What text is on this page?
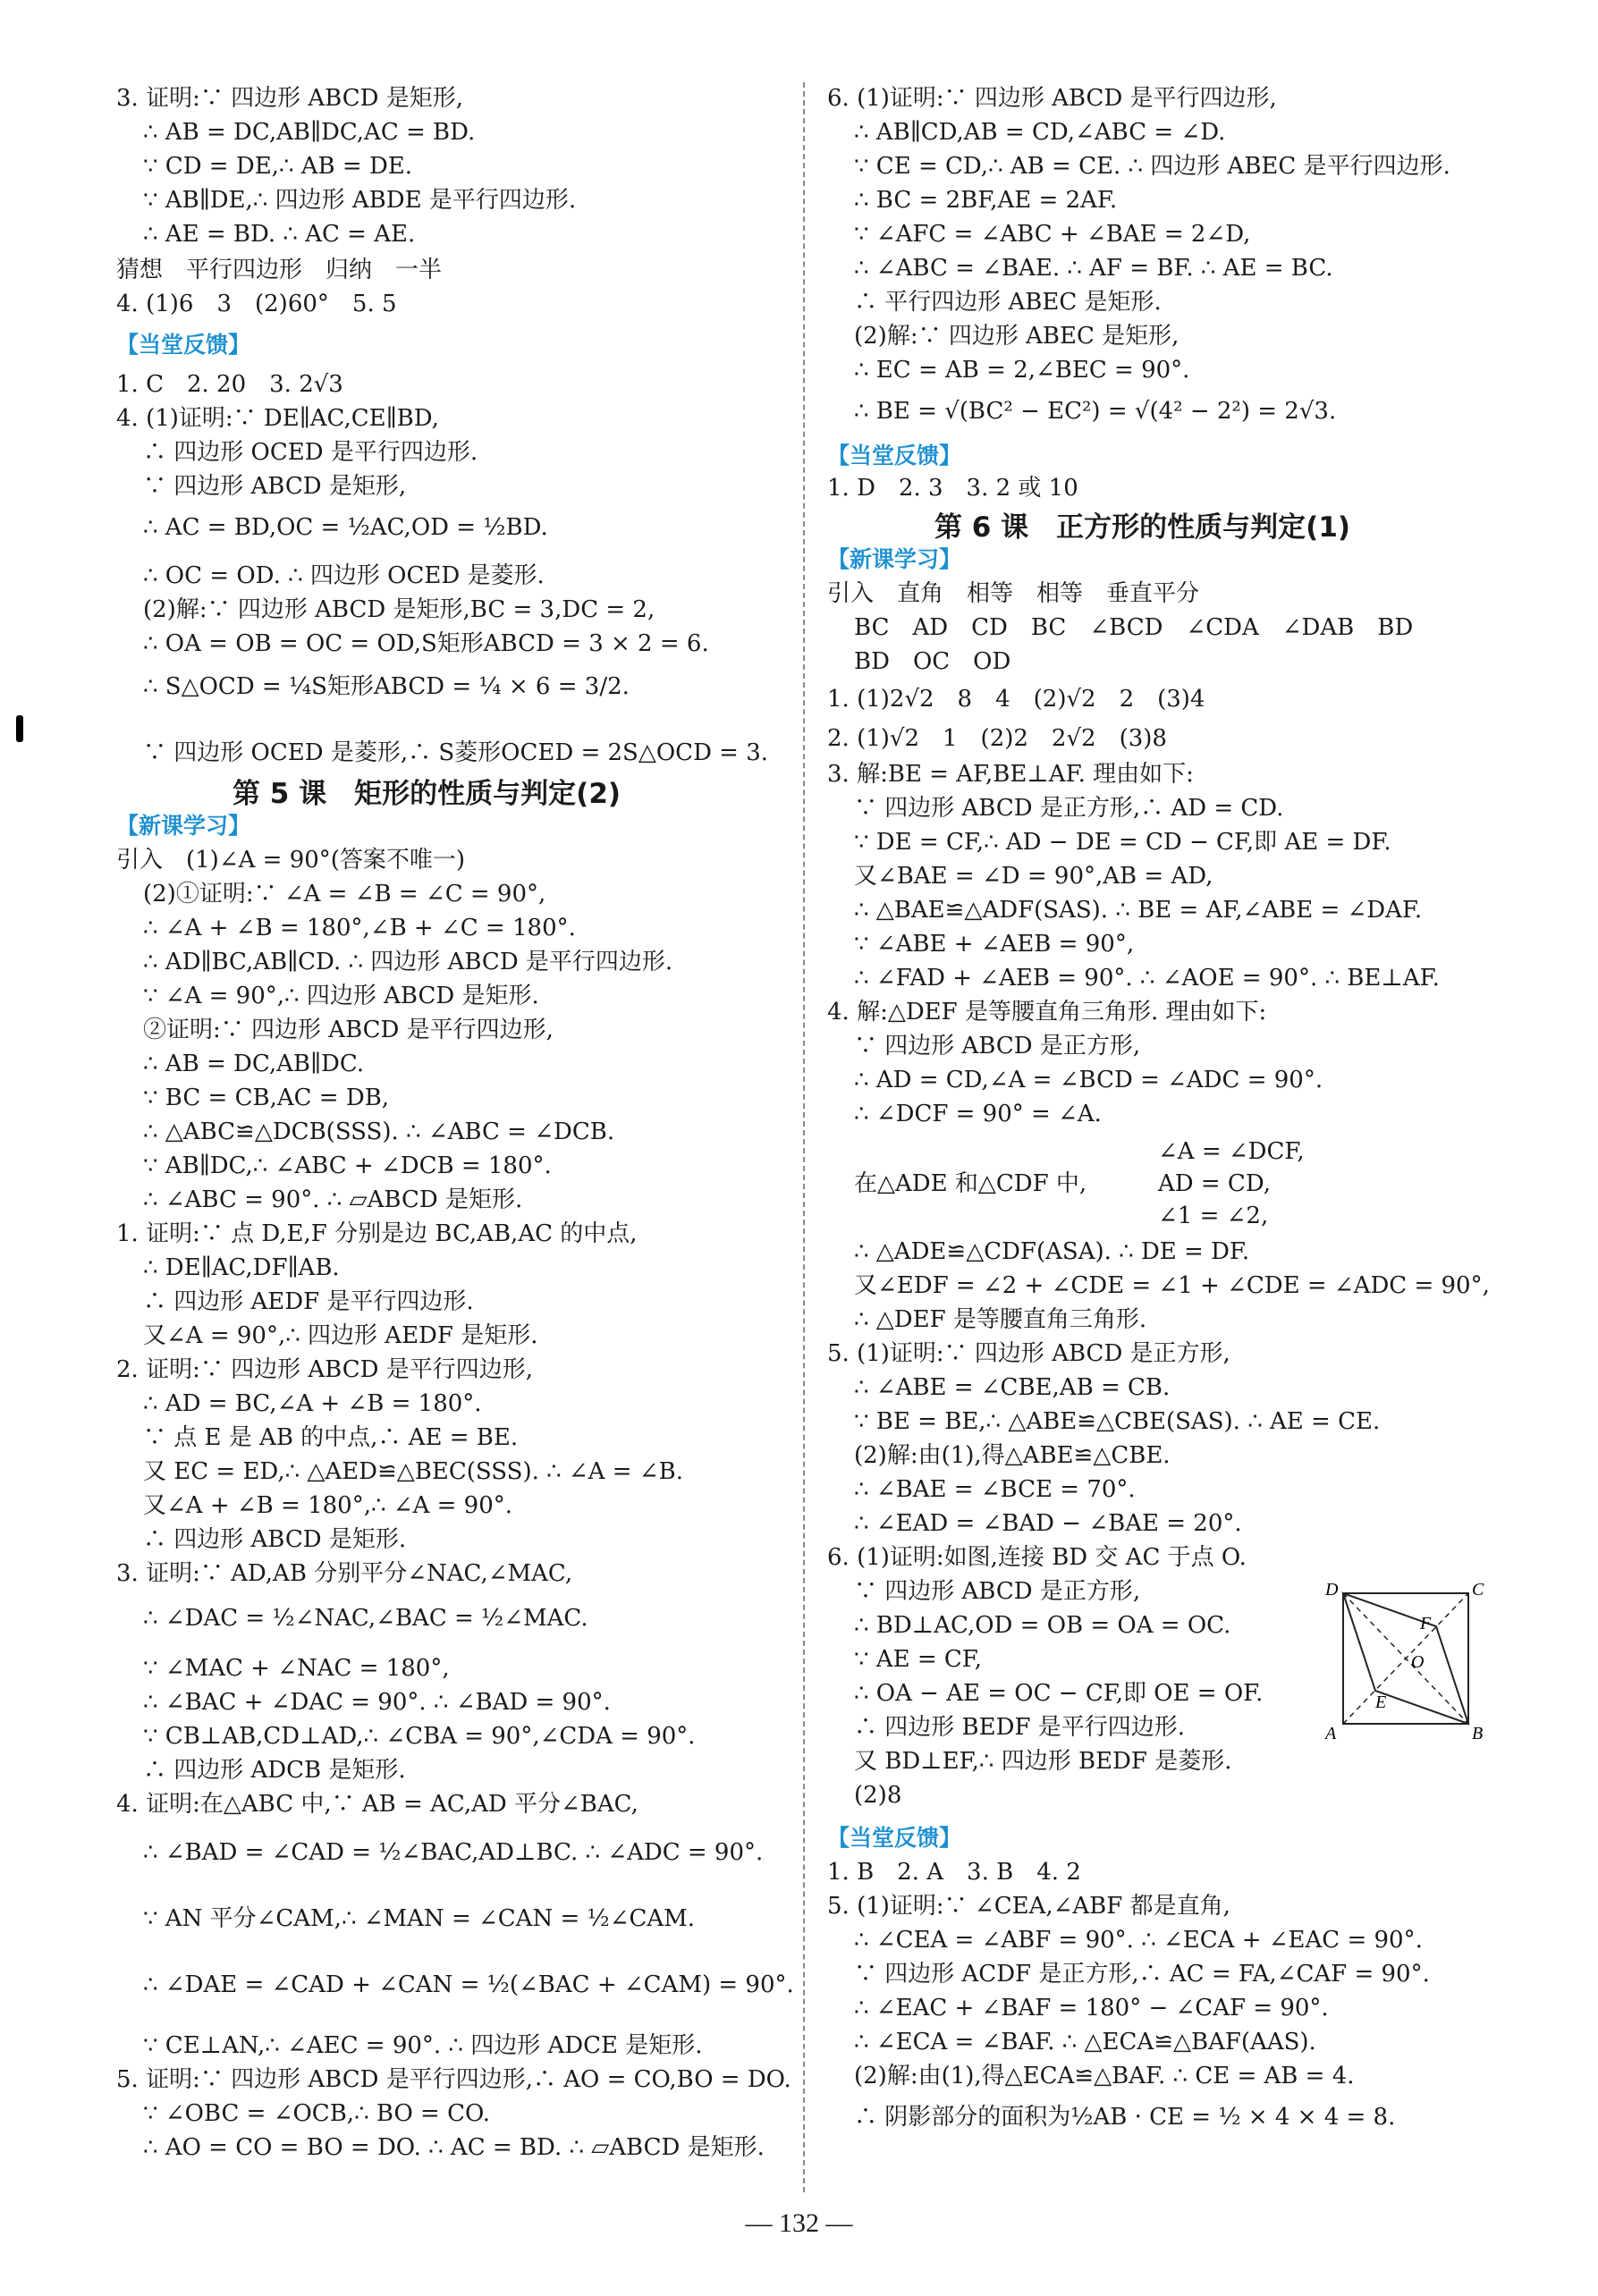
3. 证明:∵ 四边形 ABCD 是矩形,
∴ AB = DC,AB∥DC,AC = BD.
∵ CD = DE,∴ AB = DE.
∵ AB∥DE,∴ 四边形 ABDE 是平行四边形.
∴ AE = BD. ∴ AC = AE.
猜想　平行四边形　归纳　一半
4. (1)6　3　(2)60°　5. 5
1. C　2. 20　3. 2√3
4. (1)证明:∵ DE∥AC,CE∥BD,
∴ 四边形 OCED 是平行四边形.
∵ 四边形 ABCD 是矩形,
∴ AC = BD,OC = ½AC,OD = ½BD.
∴ OC = OD. ∴ 四边形 OCED 是菱形.
(2)解:∵ 四边形 ABCD 是矩形,BC = 3,DC = 2,
∴ OA = OB = OC = OD,S矩形ABCD = 3 × 2 = 6.
∴ S△OCD = ¼S矩形ABCD = ¼ × 6 = 3/2.
∵ 四边形 OCED 是菱形,∴ S菱形OCED = 2S△OCD = 3.
引入　(1)∠A = 90°(答案不唯一)
(2)①证明:∵ ∠A = ∠B = ∠C = 90°,
∴ ∠A + ∠B = 180°,∠B + ∠C = 180°.
∴ AD∥BC,AB∥CD. ∴ 四边形 ABCD 是平行四边形.
∵ ∠A = 90°,∴ 四边形 ABCD 是矩形.
②证明:∵ 四边形 ABCD 是平行四边形,
∴ AB = DC,AB∥DC.
∵ BC = CB,AC = DB,
∴ △ABC≌△DCB(SSS). ∴ ∠ABC = ∠DCB.
∵ AB∥DC,∴ ∠ABC + ∠DCB = 180°.
∴ ∠ABC = 90°. ∴ ▱ABCD 是矩形.
1. 证明:∵ 点 D,E,F 分别是边 BC,AB,AC 的中点,
∴ DE∥AC,DF∥AB.
∴ 四边形 AEDF 是平行四边形.
又∠A = 90°,∴ 四边形 AEDF 是矩形.
2. 证明:∵ 四边形 ABCD 是平行四边形,
∴ AD = BC,∠A + ∠B = 180°.
∵ 点 E 是 AB 的中点,∴ AE = BE.
又 EC = ED,∴ △AED≌△BEC(SSS). ∴ ∠A = ∠B.
又∠A + ∠B = 180°,∴ ∠A = 90°.
∴ 四边形 ABCD 是矩形.
3. 证明:∵ AD,AB 分别平分∠NAC,∠MAC,
∴ ∠DAC = ½∠NAC,∠BAC = ½∠MAC.
∵ ∠MAC + ∠NAC = 180°,
∴ ∠BAC + ∠DAC = 90°. ∴ ∠BAD = 90°.
∵ CB⊥AB,CD⊥AD,∴ ∠CBA = 90°,∠CDA = 90°.
∴ 四边形 ADCB 是矩形.
4. 证明:在△ABC 中,∵ AB = AC,AD 平分∠BAC,
∴ ∠BAD = ∠CAD = ½∠BAC,AD⊥BC. ∴ ∠ADC = 90°.
∵ AN 平分∠CAM,∴ ∠MAN = ∠CAN = ½∠CAM.
∴ ∠DAE = ∠CAD + ∠CAN = ½(∠BAC + ∠CAM) = 90°.
∵ CE⊥AN,∴ ∠AEC = 90°. ∴ 四边形 ADCE 是矩形.
5. 证明:∵ 四边形 ABCD 是平行四边形,∴ AO = CO,BO = DO.
∵ ∠OBC = ∠OCB,∴ BO = CO.
∴ AO = CO = BO = DO. ∴ AC = BD. ∴ ▱ABCD 是矩形.
【 当堂反馈 】
【 新课学习 】
第 5 课　矩形的性质与判定(2)
6. (1)证明:∵ 四边形 ABCD 是平行四边形,
∴ AB∥CD,AB = CD,∠ABC = ∠D.
∵ CE = CD,∴ AB = CE. ∴ 四边形 ABEC 是平行四边形.
∴ BC = 2BF,AE = 2AF.
∵ ∠AFC = ∠ABC + ∠BAE = 2∠D,
∴ ∠ABC = ∠BAE. ∴ AF = BF. ∴ AE = BC.
∴ 平行四边形 ABEC 是矩形.
(2)解:∵ 四边形 ABEC 是矩形,
∴ EC = AB = 2,∠BEC = 90°.
∴ BE = √(BC² − EC²) = √(4² − 2²) = 2√3.
1. D　2. 3　3. 2 或 10
引入　直角　相等　相等　垂直平分
BC　AD　CD　BC　∠BCD　∠CDA　∠DAB　BD
BD　OC　OD
1. (1)2√2　8　4　(2)√2　2　(3)4
2. (1)√2　1　(2)2　2√2　(3)8
3. 解:BE = AF,BE⊥AF. 理由如下:
∵ 四边形 ABCD 是正方形,∴ AD = CD.
∵ DE = CF,∴ AD − DE = CD − CF,即 AE = DF.
又∠BAE = ∠D = 90°,AB = AD,
∴ △BAE≌△ADF(SAS). ∴ BE = AF,∠ABE = ∠DAF.
∵ ∠ABE + ∠AEB = 90°,
∴ ∠FAD + ∠AEB = 90°. ∴ ∠AOE = 90°. ∴ BE⊥AF.
4. 解:△DEF 是等腰直角三角形. 理由如下:
∵ 四边形 ABCD 是正方形,
∴ AD = CD,∠A = ∠BCD = ∠ADC = 90°.
∴ ∠DCF = 90° = ∠A.
∠A = ∠DCF,
在△ADE 和△CDF 中,	AD = CD,
∠1 = ∠2,
∴ △ADE≌△CDF(ASA). ∴ DE = DF.
又∠EDF = ∠2 + ∠CDE = ∠1 + ∠CDE = ∠ADC = 90°,
∴ △DEF 是等腰直角三角形.
5. (1)证明:∵ 四边形 ABCD 是正方形,
∴ ∠ABE = ∠CBE,AB = CB.
∵ BE = BE,∴ △ABE≌△CBE(SAS). ∴ AE = CE.
(2)解:由(1),得△ABE≌△CBE.
∴ ∠BAE = ∠BCE = 70°.
∴ ∠EAD = ∠BAD − ∠BAE = 20°.
6. (1)证明:如图,连接 BD 交 AC 于点 O.
∵ 四边形 ABCD 是正方形,
∴ BD⊥AC,OD = OB = OA = OC.
∵ AE = CF,
∴ OA − AE = OC − CF,即 OE = OF.
∴ 四边形 BEDF 是平行四边形.
又 BD⊥EF,∴ 四边形 BEDF 是菱形.
(2)8
1. B　2. A　3. B　4. 2
5. (1)证明:∵ ∠CEA,∠ABF 都是直角,
∴ ∠CEA = ∠ABF = 90°. ∴ ∠ECA + ∠EAC = 90°.
∵ 四边形 ACDF 是正方形,∴ AC = FA,∠CAF = 90°.
∴ ∠EAC + ∠BAF = 180° − ∠CAF = 90°.
∴ ∠ECA = ∠BAF. ∴ △ECA≌△BAF(AAS).
(2)解:由(1),得△ECA≌△BAF. ∴ CE = AB = 4.
∴ 阴影部分的面积为½AB · CE = ½ × 4 × 4 = 8.
【 当堂反馈 】
【 新课学习 】
【 当堂反馈 】
第 6 课　正方形的性质与判定(1)
D	C
A	B
F
O
E
— 132 —
